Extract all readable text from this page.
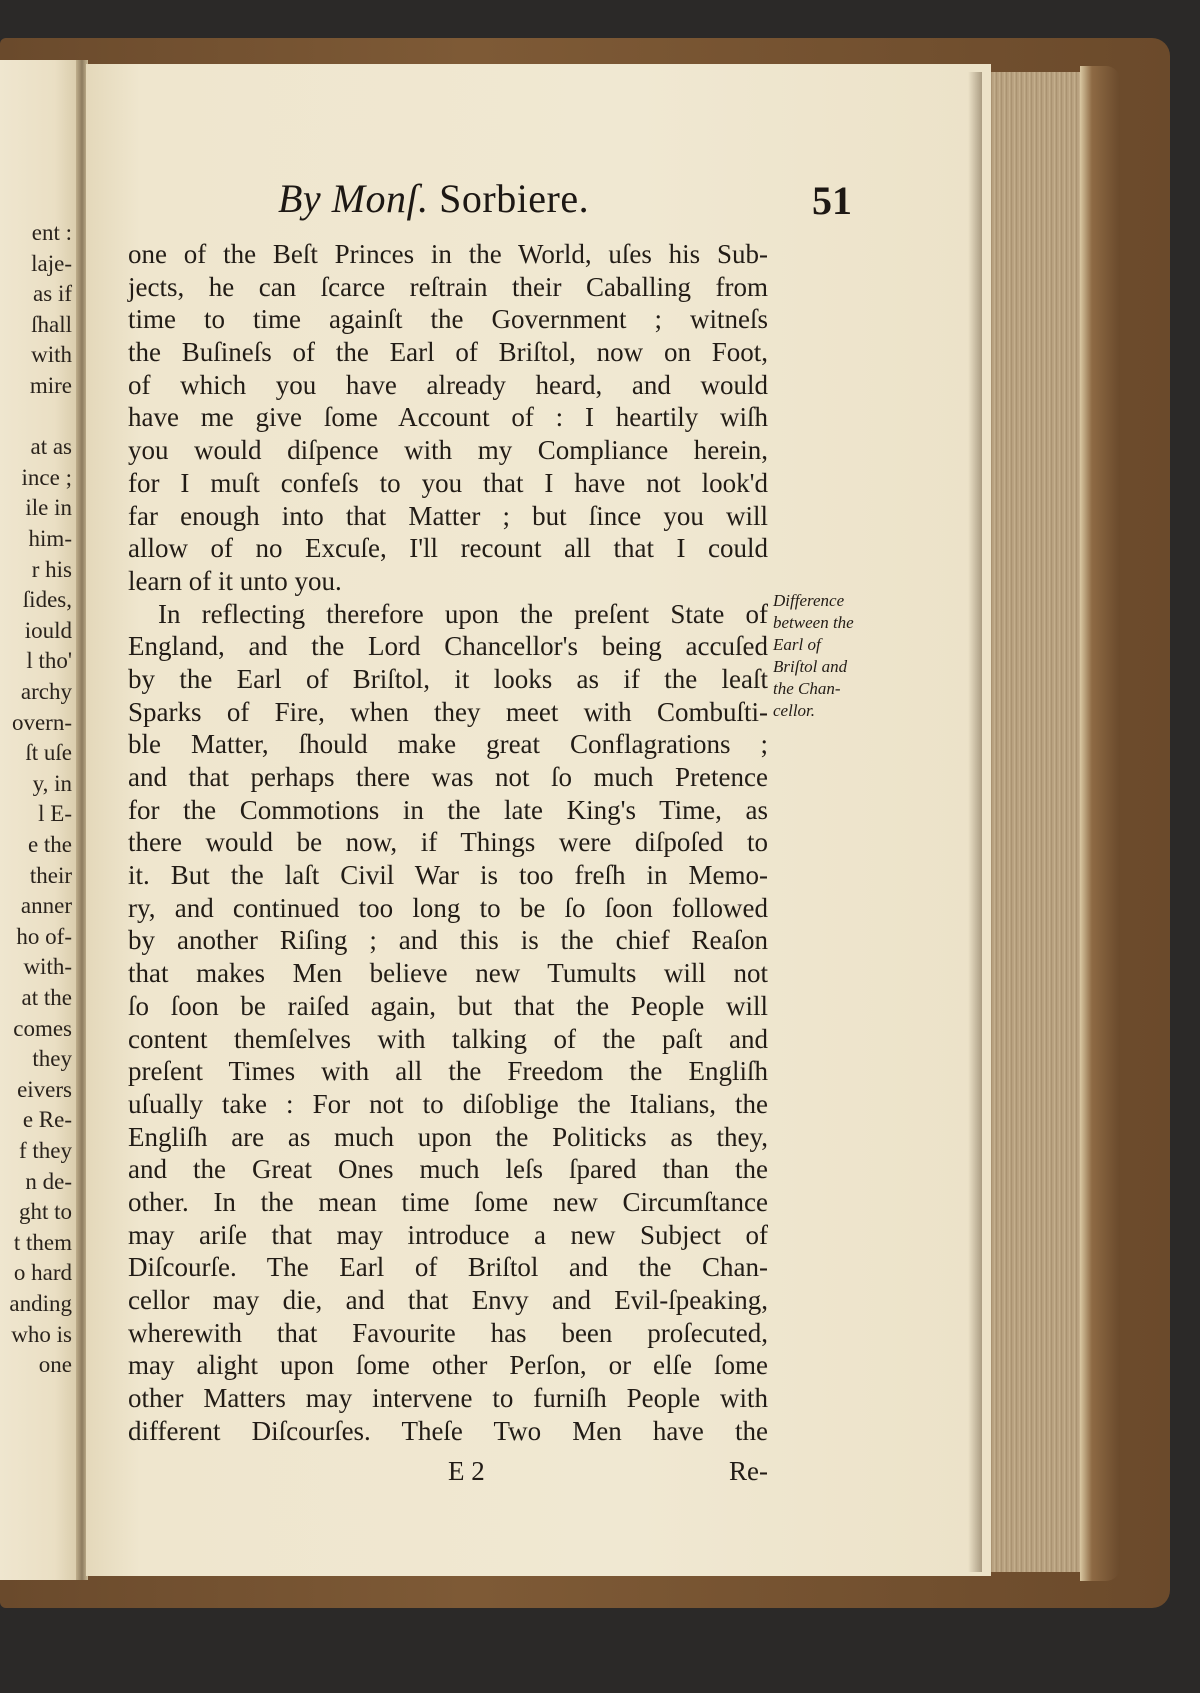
ent :
laje-
as if
ſhall
with
mire
at as
ince ;
ile in
him-
r his
ſides,
iould
l tho'
archy
overn-
ſt uſe
y, in
l E-
e the
their
anner
ho of-
with-
at the
comes
they
eivers
e Re-
f they
n de-
ght to
t them
o hard
anding
who is
one
By Monſ. Sorbiere.	51
one of the Beſt Princes in the World, uſes his Sub-
jects, he can ſcarce reſtrain their Caballing from
time to time againſt the Government ; witneſs
the Buſineſs of the Earl of Briſtol, now on Foot,
of which you have already heard, and would
have me give ſome Account of : I heartily wiſh
you would diſpence with my Compliance herein,
for I muſt confeſs to you that I have not look'd
far enough into that Matter ; but ſince you will
allow of no Excuſe, I'll recount all that I could
learn of it unto you.
In reflecting therefore upon the preſent State of
England, and the Lord Chancellor's being accuſed
by the Earl of Briſtol, it looks as if the leaſt
Sparks of Fire, when they meet with Combuſti-
ble Matter, ſhould make great Conflagrations ;
and that perhaps there was not ſo much Pretence
for the Commotions in the late King's Time, as
there would be now, if Things were diſpoſed to
it. But the laſt Civil War is too freſh in Memo-
ry, and continued too long to be ſo ſoon followed
by another Riſing ; and this is the chief Reaſon
that makes Men believe new Tumults will not
ſo ſoon be raiſed again, but that the People will
content themſelves with talking of the paſt and
preſent Times with all the Freedom the Engliſh
uſually take : For not to diſoblige the Italians, the
Engliſh are as much upon the Politicks as they,
and the Great Ones much leſs ſpared than the
other. In the mean time ſome new Circumſtance
may ariſe that may introduce a new Subject of
Diſcourſe. The Earl of Briſtol and the Chan-
cellor may die, and that Envy and Evil-ſpeaking,
wherewith that Favourite has been proſecuted,
may alight upon ſome other Perſon, or elſe ſome
other Matters may intervene to furniſh People with
different Diſcourſes. Theſe Two Men have the
Difference
between the
Earl of
Briſtol and
the Chan-
cellor.
E 2	Re-
